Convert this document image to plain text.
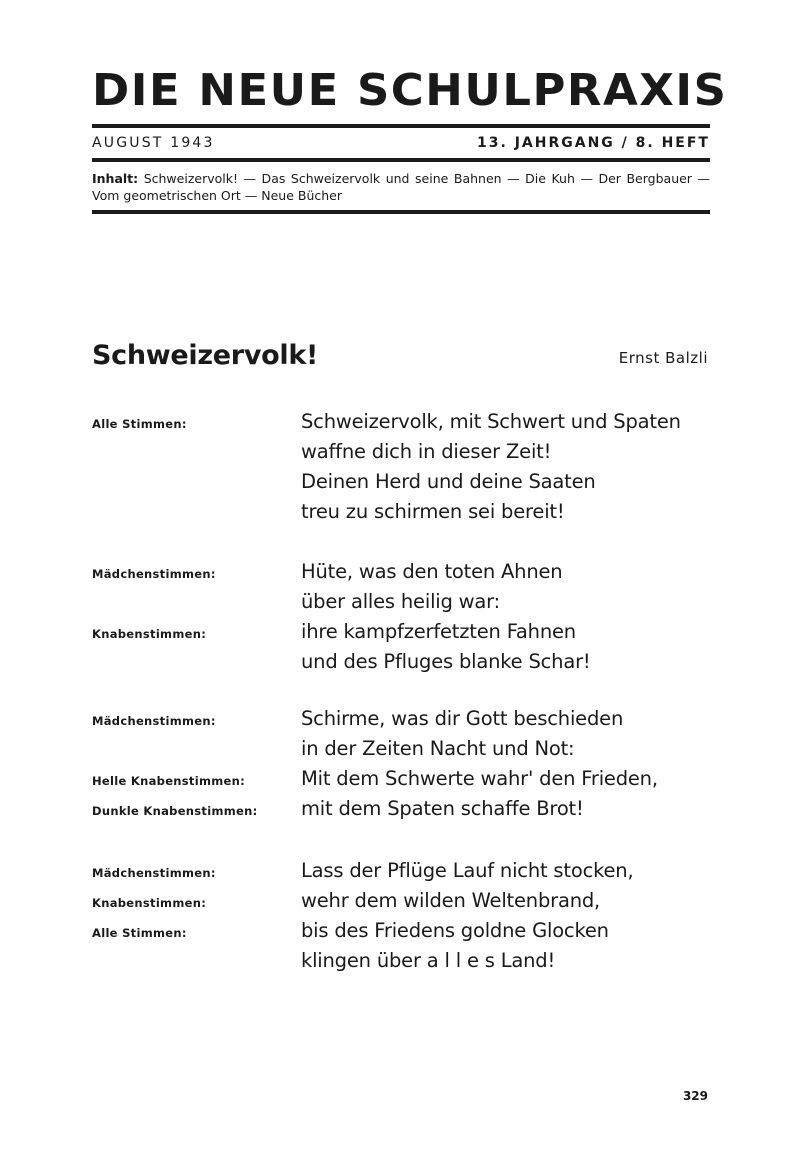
DIE NEUE SCHULPRAXIS
AUGUST 1943	13. JAHRGANG / 8. HEFT
Inhalt: Schweizervolk! — Das Schweizervolk und seine Bahnen — Die Kuh — Der Bergbauer — Vom geometrischen Ort — Neue Bücher
Schweizervolk!	Ernst Balzli
Alle Stimmen:	Schweizervolk, mit Schwert und Spaten
waffne dich in dieser Zeit!
Deinen Herd und deine Saaten
treu zu schirmen sei bereit!
Mädchenstimmen:	Hüte, was den toten Ahnen
über alles heilig war:
Knabenstimmen:	ihre kampfzerfetzten Fahnen
und des Pfluges blanke Schar!
Mädchenstimmen:	Schirme, was dir Gott beschieden
in der Zeiten Nacht und Not:
Helle Knabenstimmen:	Mit dem Schwerte wahr' den Frieden,
Dunkle Knabenstimmen: mit dem Spaten schaffe Brot!
Mädchenstimmen:	Lass der Pflüge Lauf nicht stocken,
Knabenstimmen:	wehr dem wilden Weltenbrand,
Alle Stimmen:	bis des Friedens goldne Glocken
klingen über a l l e s Land!
329
